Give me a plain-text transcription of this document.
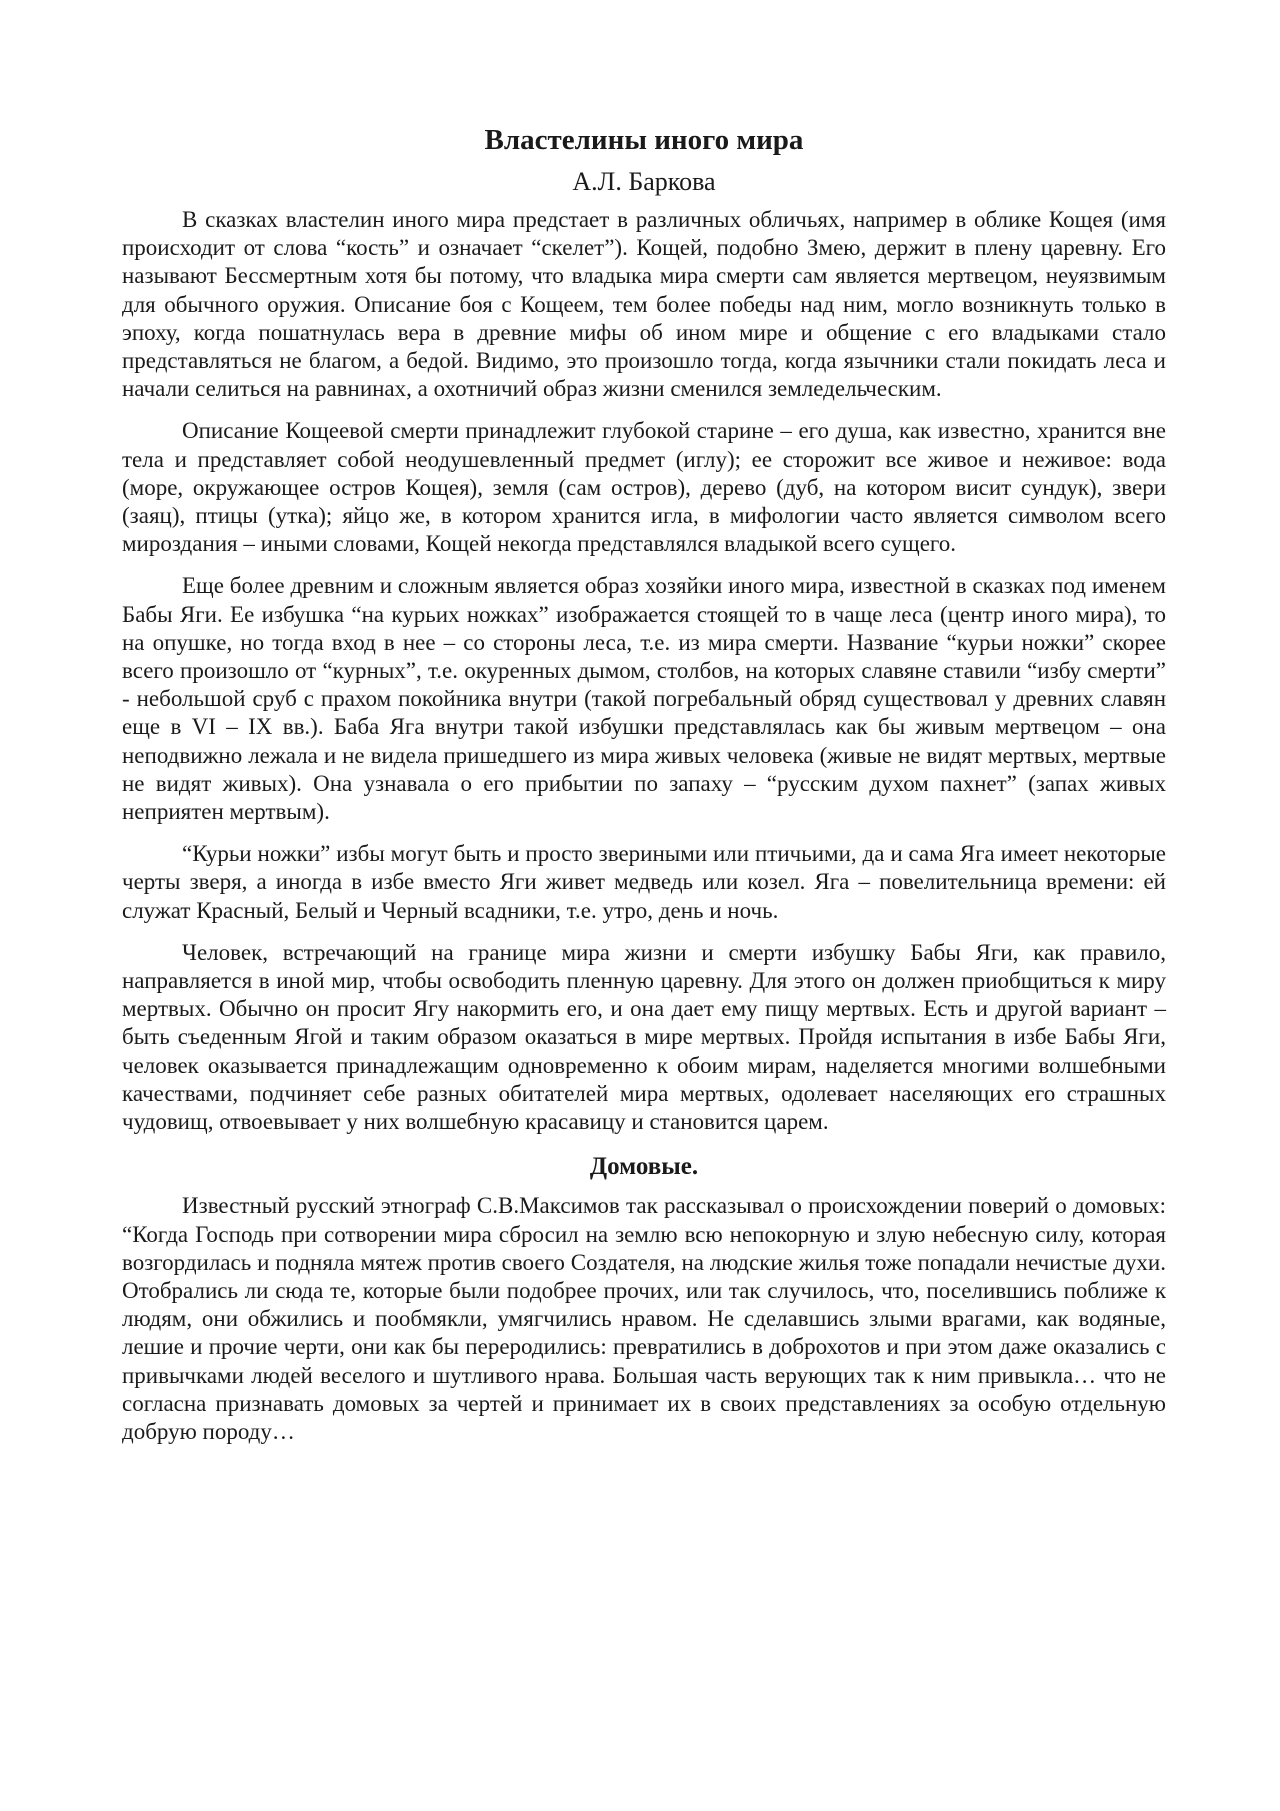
Властелины иного мира
А.Л. Баркова

В сказках властелин иного мира предстает в различных обличьях, например в облике Кощея (имя происходит от слова “кость” и означает “скелет”). Кощей, подобно Змею, держит в плену царевну. Его называют Бессмертным хотя бы потому, что владыка мира смерти сам является мертвецом, неуязвимым для обычного оружия. Описание боя с Кощеем, тем более победы над ним, могло возникнуть только в эпоху, когда пошатнулась вера в древние мифы об ином мире и общение с его владыками стало представляться не благом, а бедой. Видимо, это произошло тогда, когда язычники стали покидать леса и начали селиться на равнинах, а охотничий образ жизни сменился земледельческим.

Описание Кощеевой смерти принадлежит глубокой старине – его душа, как известно, хранится вне тела и представляет собой неодушевленный предмет (иглу); ее сторожит все живое и неживое: вода (море, окружающее остров Кощея), земля (сам остров), дерево (дуб, на котором висит сундук), звери (заяц), птицы (утка); яйцо же, в котором хранится игла, в мифологии часто является символом всего мироздания – иными словами, Кощей некогда представлялся владыкой всего сущего.

Еще более древним и сложным является образ хозяйки иного мира, известной в сказках под именем Бабы Яги. Ее избушка “на курьих ножках” изображается стоящей то в чаще леса (центр иного мира), то на опушке, но тогда вход в нее – со стороны леса, т.е. из мира смерти. Название “курьи ножки” скорее всего произошло от “курных”, т.е. окуренных дымом, столбов, на которых славяне ставили “избу смерти” - небольшой сруб с прахом покойника внутри (такой погребальный обряд существовал у древних славян еще в VI – IX вв.). Баба Яга внутри такой избушки представлялась как бы живым мертвецом – она неподвижно лежала и не видела пришедшего из мира живых человека (живые не видят мертвых, мертвые не видят живых). Она узнавала о его прибытии по запаху – “русским духом пахнет” (запах живых неприятен мертвым).

“Курьи ножки” избы могут быть и просто звериными или птичьими, да и сама Яга имеет некоторые черты зверя, а иногда в избе вместо Яги живет медведь или козел. Яга – повелительница времени: ей служат Красный, Белый и Черный всадники, т.е. утро, день и ночь.

Человек, встречающий на границе мира жизни и смерти избушку Бабы Яги, как правило, направляется в иной мир, чтобы освободить пленную царевну. Для этого он должен приобщиться к миру мертвых. Обычно он просит Ягу накормить его, и она дает ему пищу мертвых. Есть и другой вариант – быть съеденным Ягой и таким образом оказаться в мире мертвых. Пройдя испытания в избе Бабы Яги, человек оказывается принадлежащим одновременно к обоим мирам, наделяется многими волшебными качествами, подчиняет себе разных обитателей мира мертвых, одолевает населяющих его страшных чудовищ, отвоевывает у них волшебную красавицу и становится царем.

Домовые.

Известный русский этнограф С.В.Максимов так рассказывал о происхождении поверий о домовых: “Когда Господь при сотворении мира сбросил на землю всю непокорную и злую небесную силу, которая возгордилась и подняла мятеж против своего Создателя, на людские жилья тоже попадали нечистые духи. Отобрались ли сюда те, которые были подобрее прочих, или так случилось, что, поселившись поближе к людям, они обжились и пообмякли, умягчились нравом. Не сделавшись злыми врагами, как водяные, лешие и прочие черти, они как бы переродились: превратились в доброхотов и при этом даже оказались с привычками людей веселого и шутливого нрава. Большая часть верующих так к ним привыкла… что не согласна признавать домовых за чертей и принимает их в своих представлениях за особую отдельную добрую породу…
